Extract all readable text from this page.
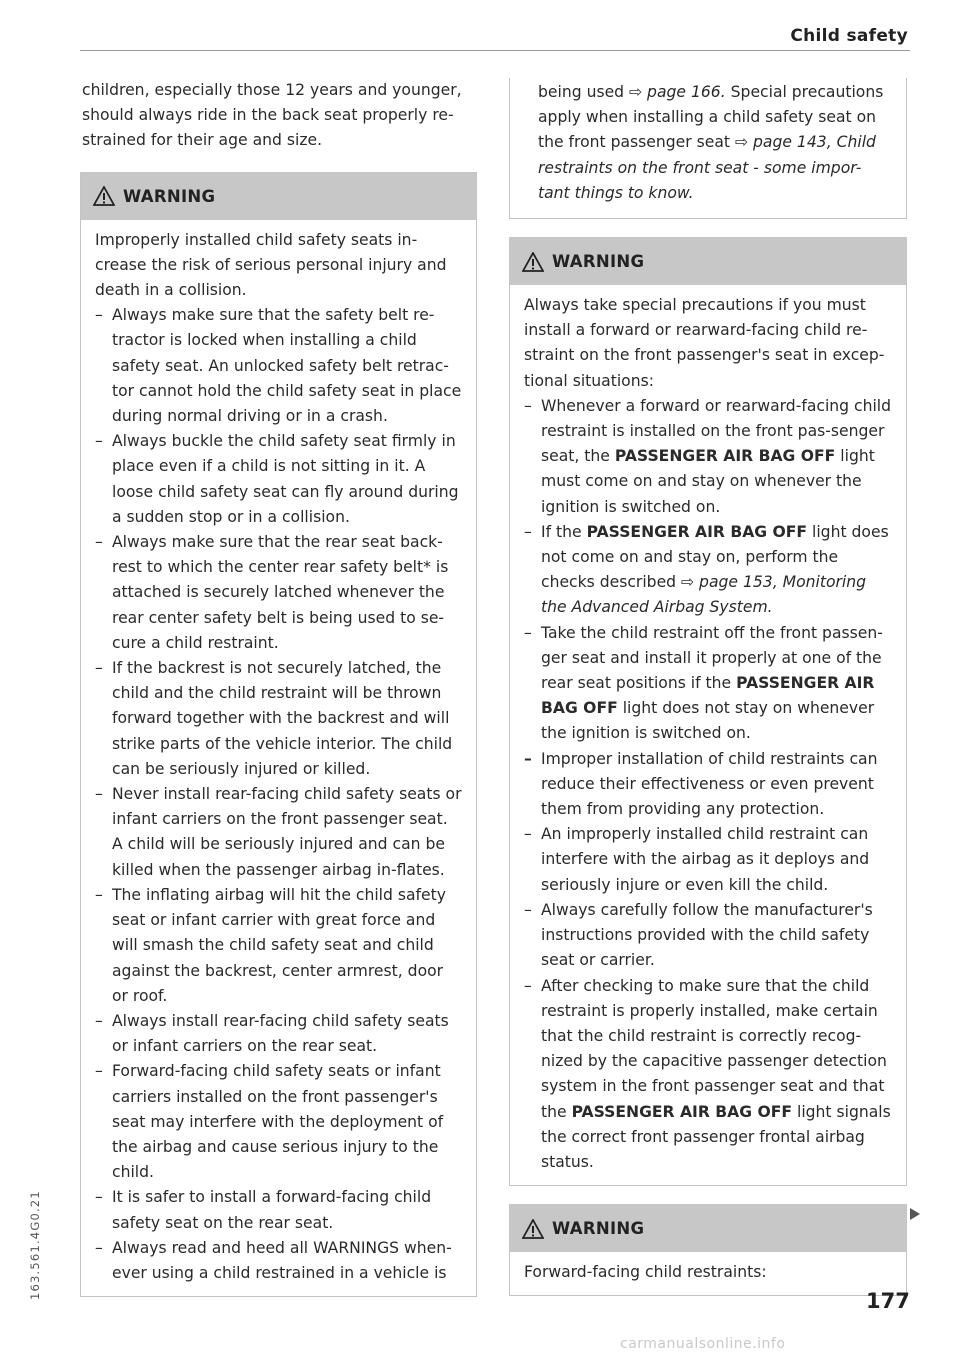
Child safety

children, especially those 12 years and younger, should always ride in the back seat properly re-strained for their age and size.

WARNING

Improperly installed child safety seats in-crease the risk of serious personal injury and death in a collision.

– Always make sure that the safety belt re-tractor is locked when installing a child safety seat. An unlocked safety belt retrac-tor cannot hold the child safety seat in place during normal driving or in a crash.
– Always buckle the child safety seat firmly in place even if a child is not sitting in it. A loose child safety seat can fly around during a sudden stop or in a collision.
– Always make sure that the rear seat back-rest to which the center rear safety belt* is attached is securely latched whenever the rear center safety belt is being used to se-cure a child restraint.
– If the backrest is not securely latched, the child and the child restraint will be thrown forward together with the backrest and will strike parts of the vehicle interior. The child can be seriously injured or killed.
– Never install rear-facing child safety seats or infant carriers on the front passenger seat. A child will be seriously injured and can be killed when the passenger airbag in-flates.
– The inflating airbag will hit the child safety seat or infant carrier with great force and will smash the child safety seat and child against the backrest, center armrest, door or roof.
– Always install rear-facing child safety seats or infant carriers on the rear seat.
– Forward-facing child safety seats or infant carriers installed on the front passenger's seat may interfere with the deployment of the airbag and cause serious injury to the child.
– It is safer to install a forward-facing child safety seat on the rear seat.
– Always read and heed all WARNINGS when-ever using a child restrained in a vehicle is

being used ⇨ page 166. Special precautions apply when installing a child safety seat on the front passenger seat ⇨ page 143, Child restraints on the front seat - some impor-tant things to know.

WARNING

Always take special precautions if you must install a forward or rearward-facing child re-straint on the front passenger's seat in excep-tional situations:

– Whenever a forward or rearward-facing child restraint is installed on the front pas-senger seat, the PASSENGER AIR BAG OFF light must come on and stay on whenever the ignition is switched on.
– If the PASSENGER AIR BAG OFF light does not come on and stay on, perform the checks described ⇨ page 153, Monitoring the Advanced Airbag System.
– Take the child restraint off the front passen-ger seat and install it properly at one of the rear seat positions if the PASSENGER AIR BAG OFF light does not stay on whenever the ignition is switched on.
– Improper installation of child restraints can reduce their effectiveness or even prevent them from providing any protection.
– An improperly installed child restraint can interfere with the airbag as it deploys and seriously injure or even kill the child.
– Always carefully follow the manufacturer's instructions provided with the child safety seat or carrier.
– After checking to make sure that the child restraint is properly installed, make certain that the child restraint is correctly recog-nized by the capacitive passenger detection system in the front passenger seat and that the PASSENGER AIR BAG OFF light signals the correct front passenger frontal airbag status.
WARNING

Forward-facing child restraints:

177
163.561.4G0.21
carmanualsonline.info
